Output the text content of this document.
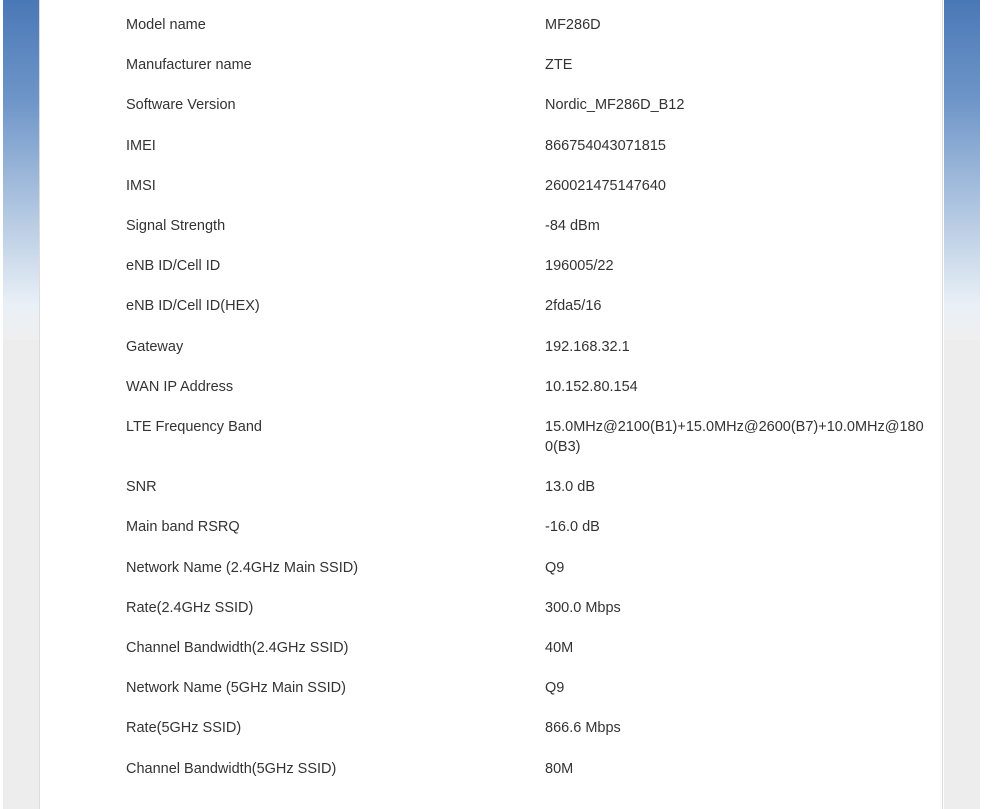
Model name	MF286D
Manufacturer name	ZTE
Software Version	Nordic_MF286D_B12
IMEI	866754043071815
IMSI	260021475147640
Signal Strength	-84 dBm
eNB ID/Cell ID	196005/22
eNB ID/Cell ID(HEX)	2fda5/16
Gateway	192.168.32.1
WAN IP Address	10.152.80.154
LTE Frequency Band	15.0MHz@2100(B1)+15.0MHz@2600(B7)+10.0MHz@1800(B3)
SNR	13.0 dB
Main band RSRQ	-16.0 dB
Network Name (2.4GHz Main SSID)	Q9
Rate(2.4GHz SSID)	300.0 Mbps
Channel Bandwidth(2.4GHz SSID)	40M
Network Name (5GHz Main SSID)	Q9
Rate(5GHz SSID)	866.6 Mbps
Channel Bandwidth(5GHz SSID)	80M
